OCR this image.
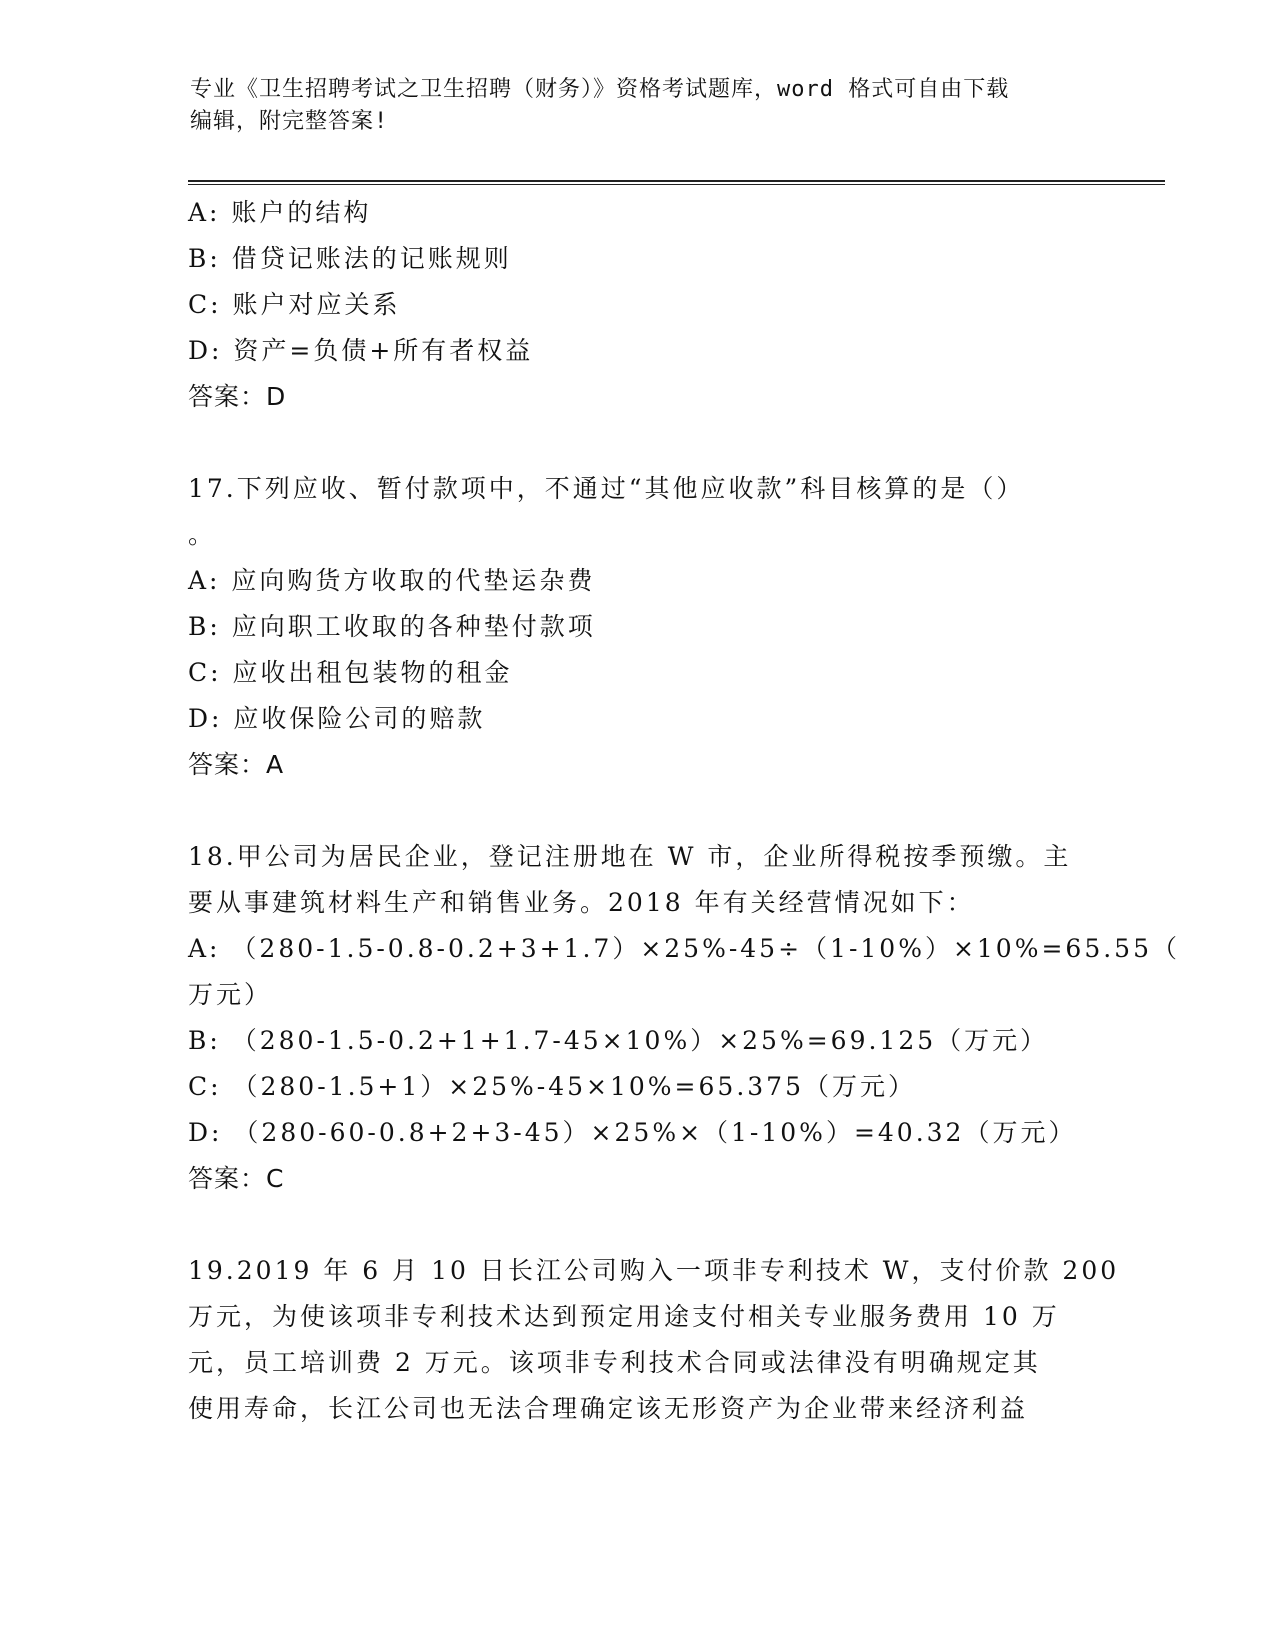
专业《卫生招聘考试之卫生招聘（财务）》资格考试题库，word 格式可自由下载
编辑，附完整答案!
A: 账户的结构
B: 借贷记账法的记账规则
C: 账户对应关系
D: 资产=负债+所有者权益
答案：D
17.下列应收、暂付款项中，不通过“其他应收款”科目核算的是（）
。
A: 应向购货方收取的代垫运杂费
B: 应向职工收取的各种垫付款项
C: 应收出租包装物的租金
D: 应收保险公司的赔款
答案：A
18.甲公司为居民企业，登记注册地在 W 市，企业所得税按季预缴。主
要从事建筑材料生产和销售业务。2018 年有关经营情况如下：
A: （280-1.5-0.8-0.2+3+1.7）×25%-45÷（1-10%）×10%=65.55（
万元）
B: （280-1.5-0.2+1+1.7-45×10%）×25%=69.125（万元）
C: （280-1.5+1）×25%-45×10%=65.375（万元）
D: （280-60-0.8+2+3-45）×25%×（1-10%）=40.32（万元）
答案：C
19.2019 年 6 月 10 日长江公司购入一项非专利技术 W，支付价款 200
万元，为使该项非专利技术达到预定用途支付相关专业服务费用 10 万
元，员工培训费 2 万元。该项非专利技术合同或法律没有明确规定其
使用寿命，长江公司也无法合理确定该无形资产为企业带来经济利益
